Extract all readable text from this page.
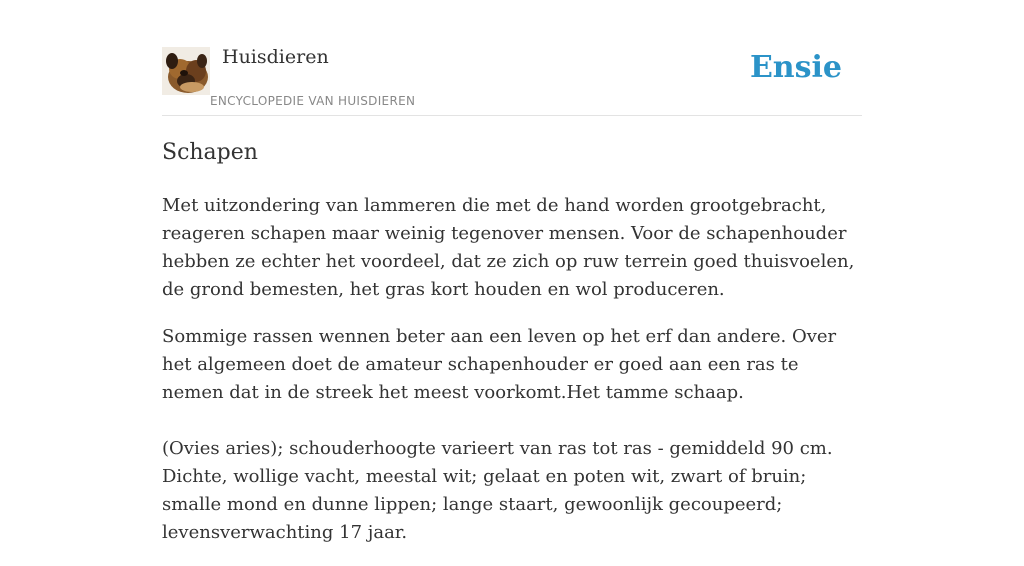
Huisdieren
ENCYCLOPEDIE VAN HUISDIEREN
Ensie
Schapen

Met uitzondering van lammeren die met de hand worden grootgebracht, reageren schapen maar weinig tegenover mensen. Voor de schapenhouder hebben ze echter het voordeel, dat ze zich op ruw terrein goed thuisvoelen, de grond bemesten, het gras kort houden en wol produceren.

Sommige rassen wennen beter aan een leven op het erf dan andere. Over het algemeen doet de amateur schapenhouder er goed aan een ras te nemen dat in de streek het meest voorkomt.Het tamme schaap.

(Ovies aries); schouderhoogte varieert van ras tot ras - gemiddeld 90 cm. Dichte, wollige vacht, meestal wit; gelaat en poten wit, zwart of bruin; smalle mond en dunne lippen; lange staart, gewoonlijk gecoupeerd; levensverwachting 17 jaar.
